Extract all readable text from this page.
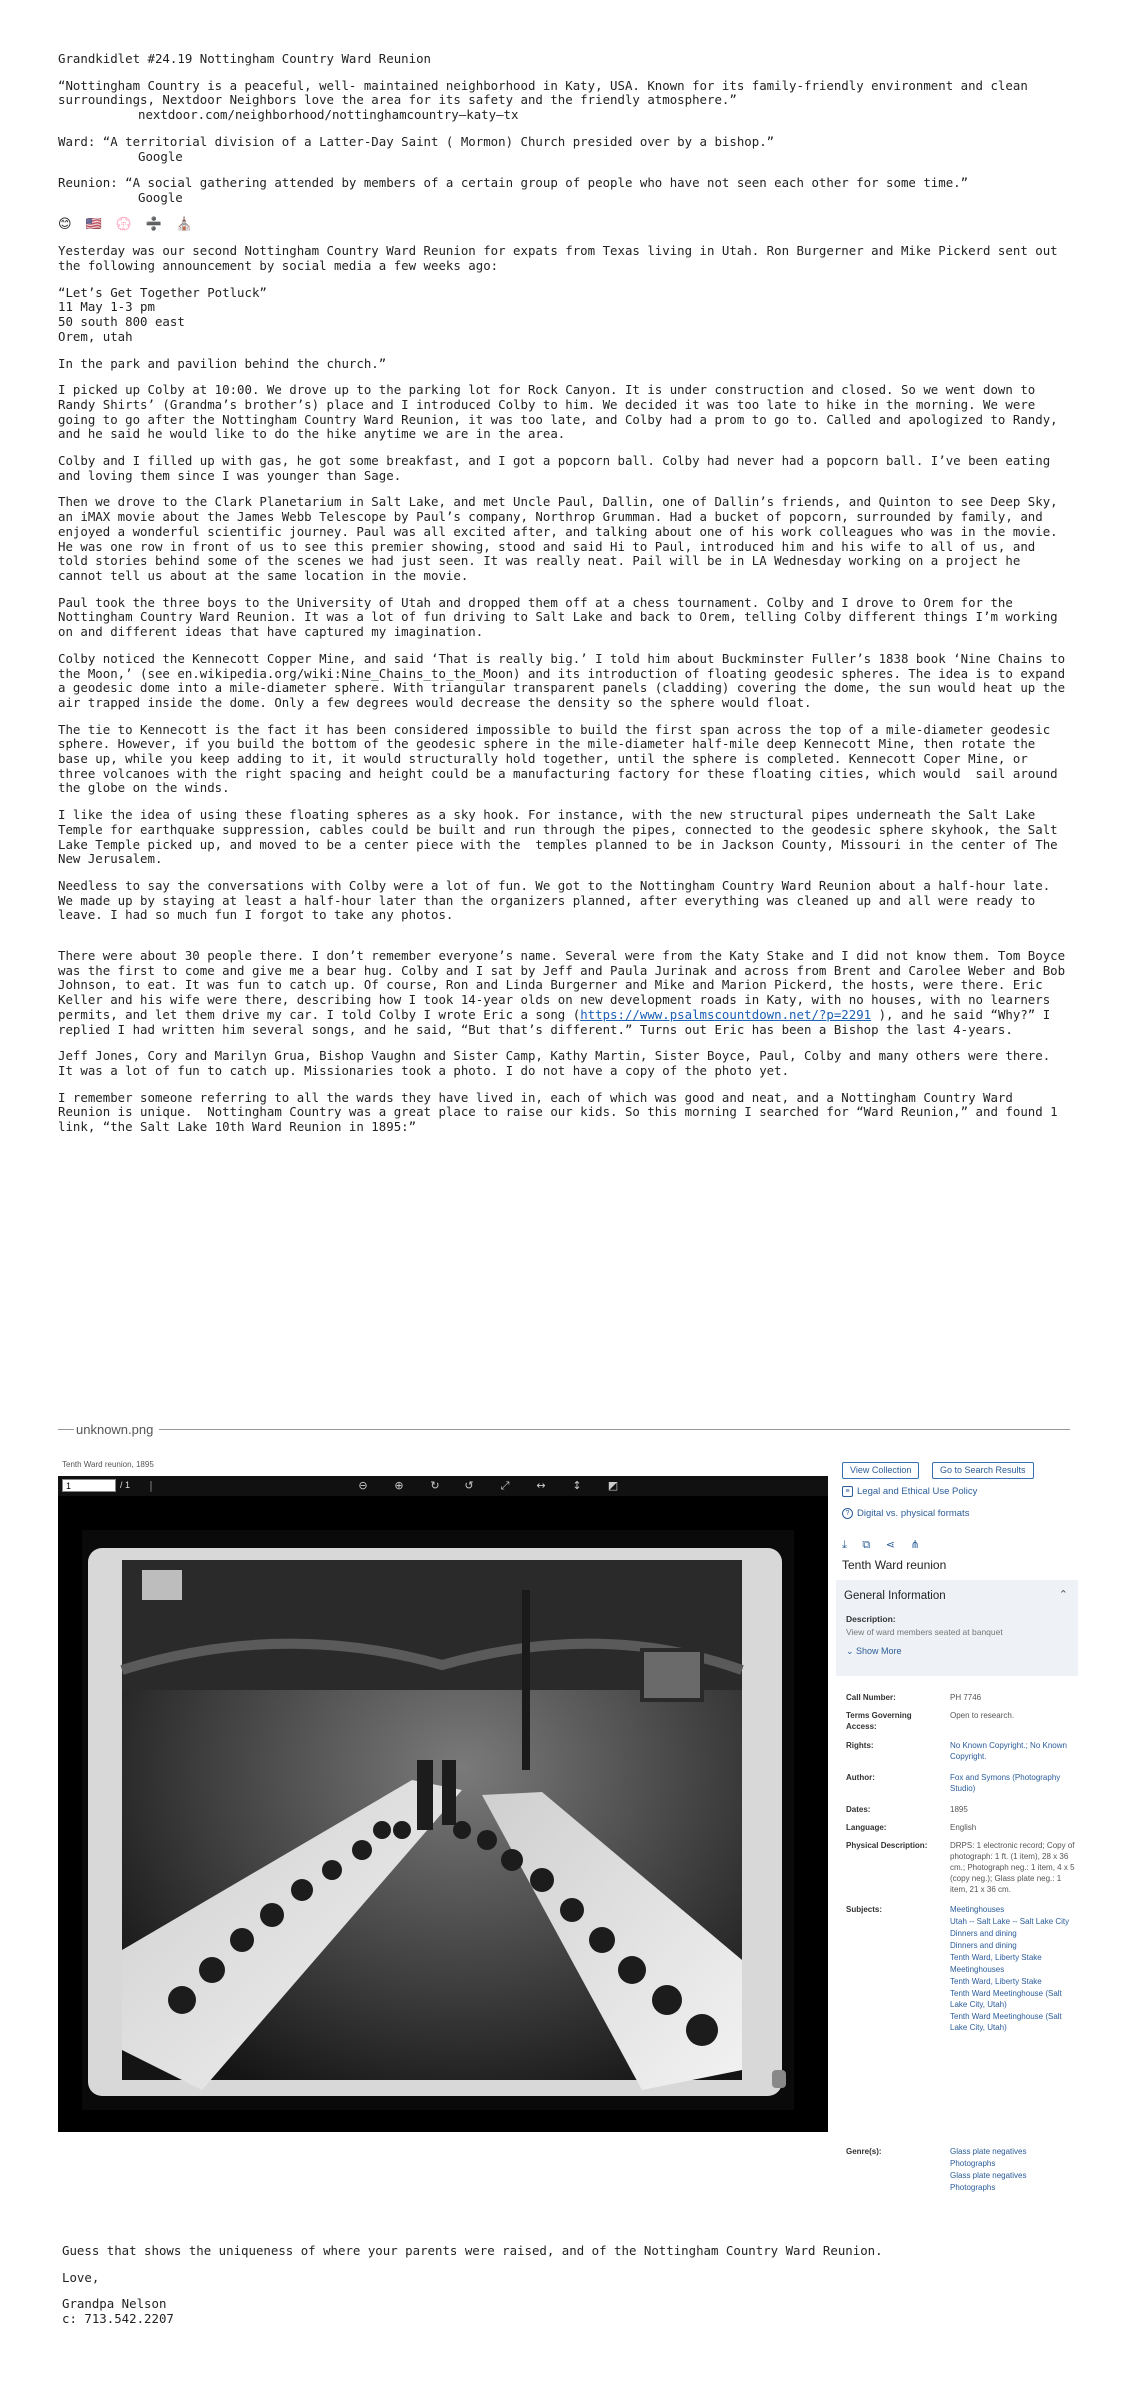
Grandkidlet #24.19 Nottingham Country Ward Reunion

“Nottingham Country is a peaceful, well- maintained neighborhood in Katy, USA. Known for its family-friendly environment and clean surroundings, Nextdoor Neighbors love the area for its safety and the friendly atmosphere.”

nextdoor.com/neighborhood/nottinghamcountry—katy—tx

Ward: “A territorial division of a Latter-Day Saint ( Mormon) Church presided over by a bishop.”

Google

Reunion: “A social gathering attended by members of a certain group of people who have not seen each other for some time.”

Google

😊🇺🇸💮➗⛪

Yesterday was our second Nottingham Country Ward Reunion for expats from Texas living in Utah. Ron Burgerner and Mike Pickerd sent out the following announcement by social media a few weeks ago:

“Let’s Get Together Potluck”
11 May 1-3 pm
50 south 800 east
Orem, utah

In the park and pavilion behind the church.”

I picked up Colby at 10:00. We drove up to the parking lot for Rock Canyon. It is under construction and closed. So we went down to Randy Shirts’ (Grandma’s brother’s) place and I introduced Colby to him. We decided it was too late to hike in the morning. We were going to go after the Nottingham Country Ward Reunion, it was too late, and Colby had a prom to go to. Called and apologized to Randy, and he said he would like to do the hike anytime we are in the area.

Colby and I filled up with gas, he got some breakfast, and I got a popcorn ball. Colby had never had a popcorn ball. I’ve been eating and loving them since I was younger than Sage.

Then we drove to the Clark Planetarium in Salt Lake, and met Uncle Paul, Dallin, one of Dallin’s friends, and Quinton to see Deep Sky, an iMAX movie about the James Webb Telescope by Paul’s company, Northrop Grumman. Had a bucket of popcorn, surrounded by family, and enjoyed a wonderful scientific journey. Paul was all excited after, and talking about one of his work colleagues who was in the movie. He was one row in front of us to see this premier showing, stood and said Hi to Paul, introduced him and his wife to all of us, and told stories behind some of the scenes we had just seen. It was really neat. Pail will be in LA Wednesday working on a project he cannot tell us about at the same location in the movie.

Paul took the three boys to the University of Utah and dropped them off at a chess tournament. Colby and I drove to Orem for the Nottingham Country Ward Reunion. It was a lot of fun driving to Salt Lake and back to Orem, telling Colby different things I’m working on and different ideas that have captured my imagination.

Colby noticed the Kennecott Copper Mine, and said ‘That is really big.’ I told him about Buckminster Fuller’s 1838 book ‘Nine Chains to the Moon,’ (see en.wikipedia.org/wiki:Nine_Chains_to_the_Moon) and its introduction of floating geodesic spheres. The idea is to expand a geodesic dome into a mile-diameter sphere. With triangular transparent panels (cladding) covering the dome, the sun would heat up the air trapped inside the dome. Only a few degrees would decrease the density so the sphere would float.

The tie to Kennecott is the fact it has been considered impossible to build the first span across the top of a mile-diameter geodesic sphere. However, if you build the bottom of the geodesic sphere in the mile-diameter half-mile deep Kennecott Mine, then rotate the base up, while you keep adding to it, it would structurally hold together, until the sphere is completed. Kennecott Coper Mine, or three volcanoes with the right spacing and height could be a manufacturing factory for these floating cities, which would  sail around the globe on the winds.

I like the idea of using these floating spheres as a sky hook. For instance, with the new structural pipes underneath the Salt Lake Temple for earthquake suppression, cables could be built and run through the pipes, connected to the geodesic sphere skyhook, the Salt Lake Temple picked up, and moved to be a center piece with the  temples planned to be in Jackson County, Missouri in the center of The New Jerusalem.

Needless to say the conversations with Colby were a lot of fun. We got to the Nottingham Country Ward Reunion about a half-hour late. We made up by staying at least a half-hour later than the organizers planned, after everything was cleaned up and all were ready to leave. I had so much fun I forgot to take any photos.

There were about 30 people there. I don’t remember everyone’s name. Several were from the Katy Stake and I did not know them. Tom Boyce was the first to come and give me a bear hug. Colby and I sat by Jeff and Paula Jurinak and across from Brent and Carolee Weber and Bob Johnson, to eat. It was fun to catch up. Of course, Ron and Linda Burgerner and Mike and Marion Pickerd, the hosts, were there. Eric Keller and his wife were there, describing how I took 14-year olds on new development roads in Katy, with no houses, with no learners permits, and let them drive my car. I told Colby I wrote Eric a song (https://www.psalmscountdown.net/?p=2291 ), and he said “Why?” I replied I had written him several songs, and he said, “But that’s different.” Turns out Eric has been a Bishop the last 4-years.

Jeff Jones, Cory and Marilyn Grua, Bishop Vaughn and Sister Camp, Kathy Martin, Sister Boyce, Paul, Colby and many others were there. It was a lot of fun to catch up. Missionaries took a photo. I do not have a copy of the photo yet.

I remember someone referring to all the wards they have lived in, each of which was good and neat, and a Nottingham Country Ward Reunion is unique.  Nottingham Country was a great place to raise our kids. So this morning I searched for “Ward Reunion,” and found 1 link, “the Salt Lake 10th Ward Reunion in 1895:”

unknown.png
Tenth Ward reunion, 1895
1	/ 1	|	⊖ ⊕ ↻ ↺ ⤢ ↔ ↕ ◩
View Collection	Go to Search Results
≡ Legal and Ethical Use Policy
? Digital vs. physical formats
⤓ ⧉ ⋖ ⋔
Tenth Ward reunion
General Information	⌃
Description:
View of ward members seated at banquet
⌄ Show More
Call Number:	PH 7746
Terms Governing Access:
Open to research.
Rights:	No Known Copyright.; No Known Copyright.
Author:	Fox and Symons (Photography Studio)
Dates:	1895
Language:	English
Physical Description:	DRPS: 1 electronic record; Copy of photograph: 1 ft. (1 item), 28 x 36 cm.; Photograph neg.: 1 item, 4 x 5 (copy neg.); Glass plate neg.: 1 item, 21 x 36 cm.
Subjects:	Meetinghouses
Utah -- Salt Lake -- Salt Lake City
Dinners and dining
Dinners and dining
Tenth Ward, Liberty Stake
Meetinghouses
Tenth Ward, Liberty Stake
Tenth Ward Meetinghouse (Salt Lake City, Utah)
Tenth Ward Meetinghouse (Salt Lake City, Utah)
Genre(s):	Glass plate negatives
Photographs
Glass plate negatives
Photographs

Guess that shows the uniqueness of where your parents were raised, and of the Nottingham Country Ward Reunion.

Love,

Grandpa Nelson
c: 713.542.2207
